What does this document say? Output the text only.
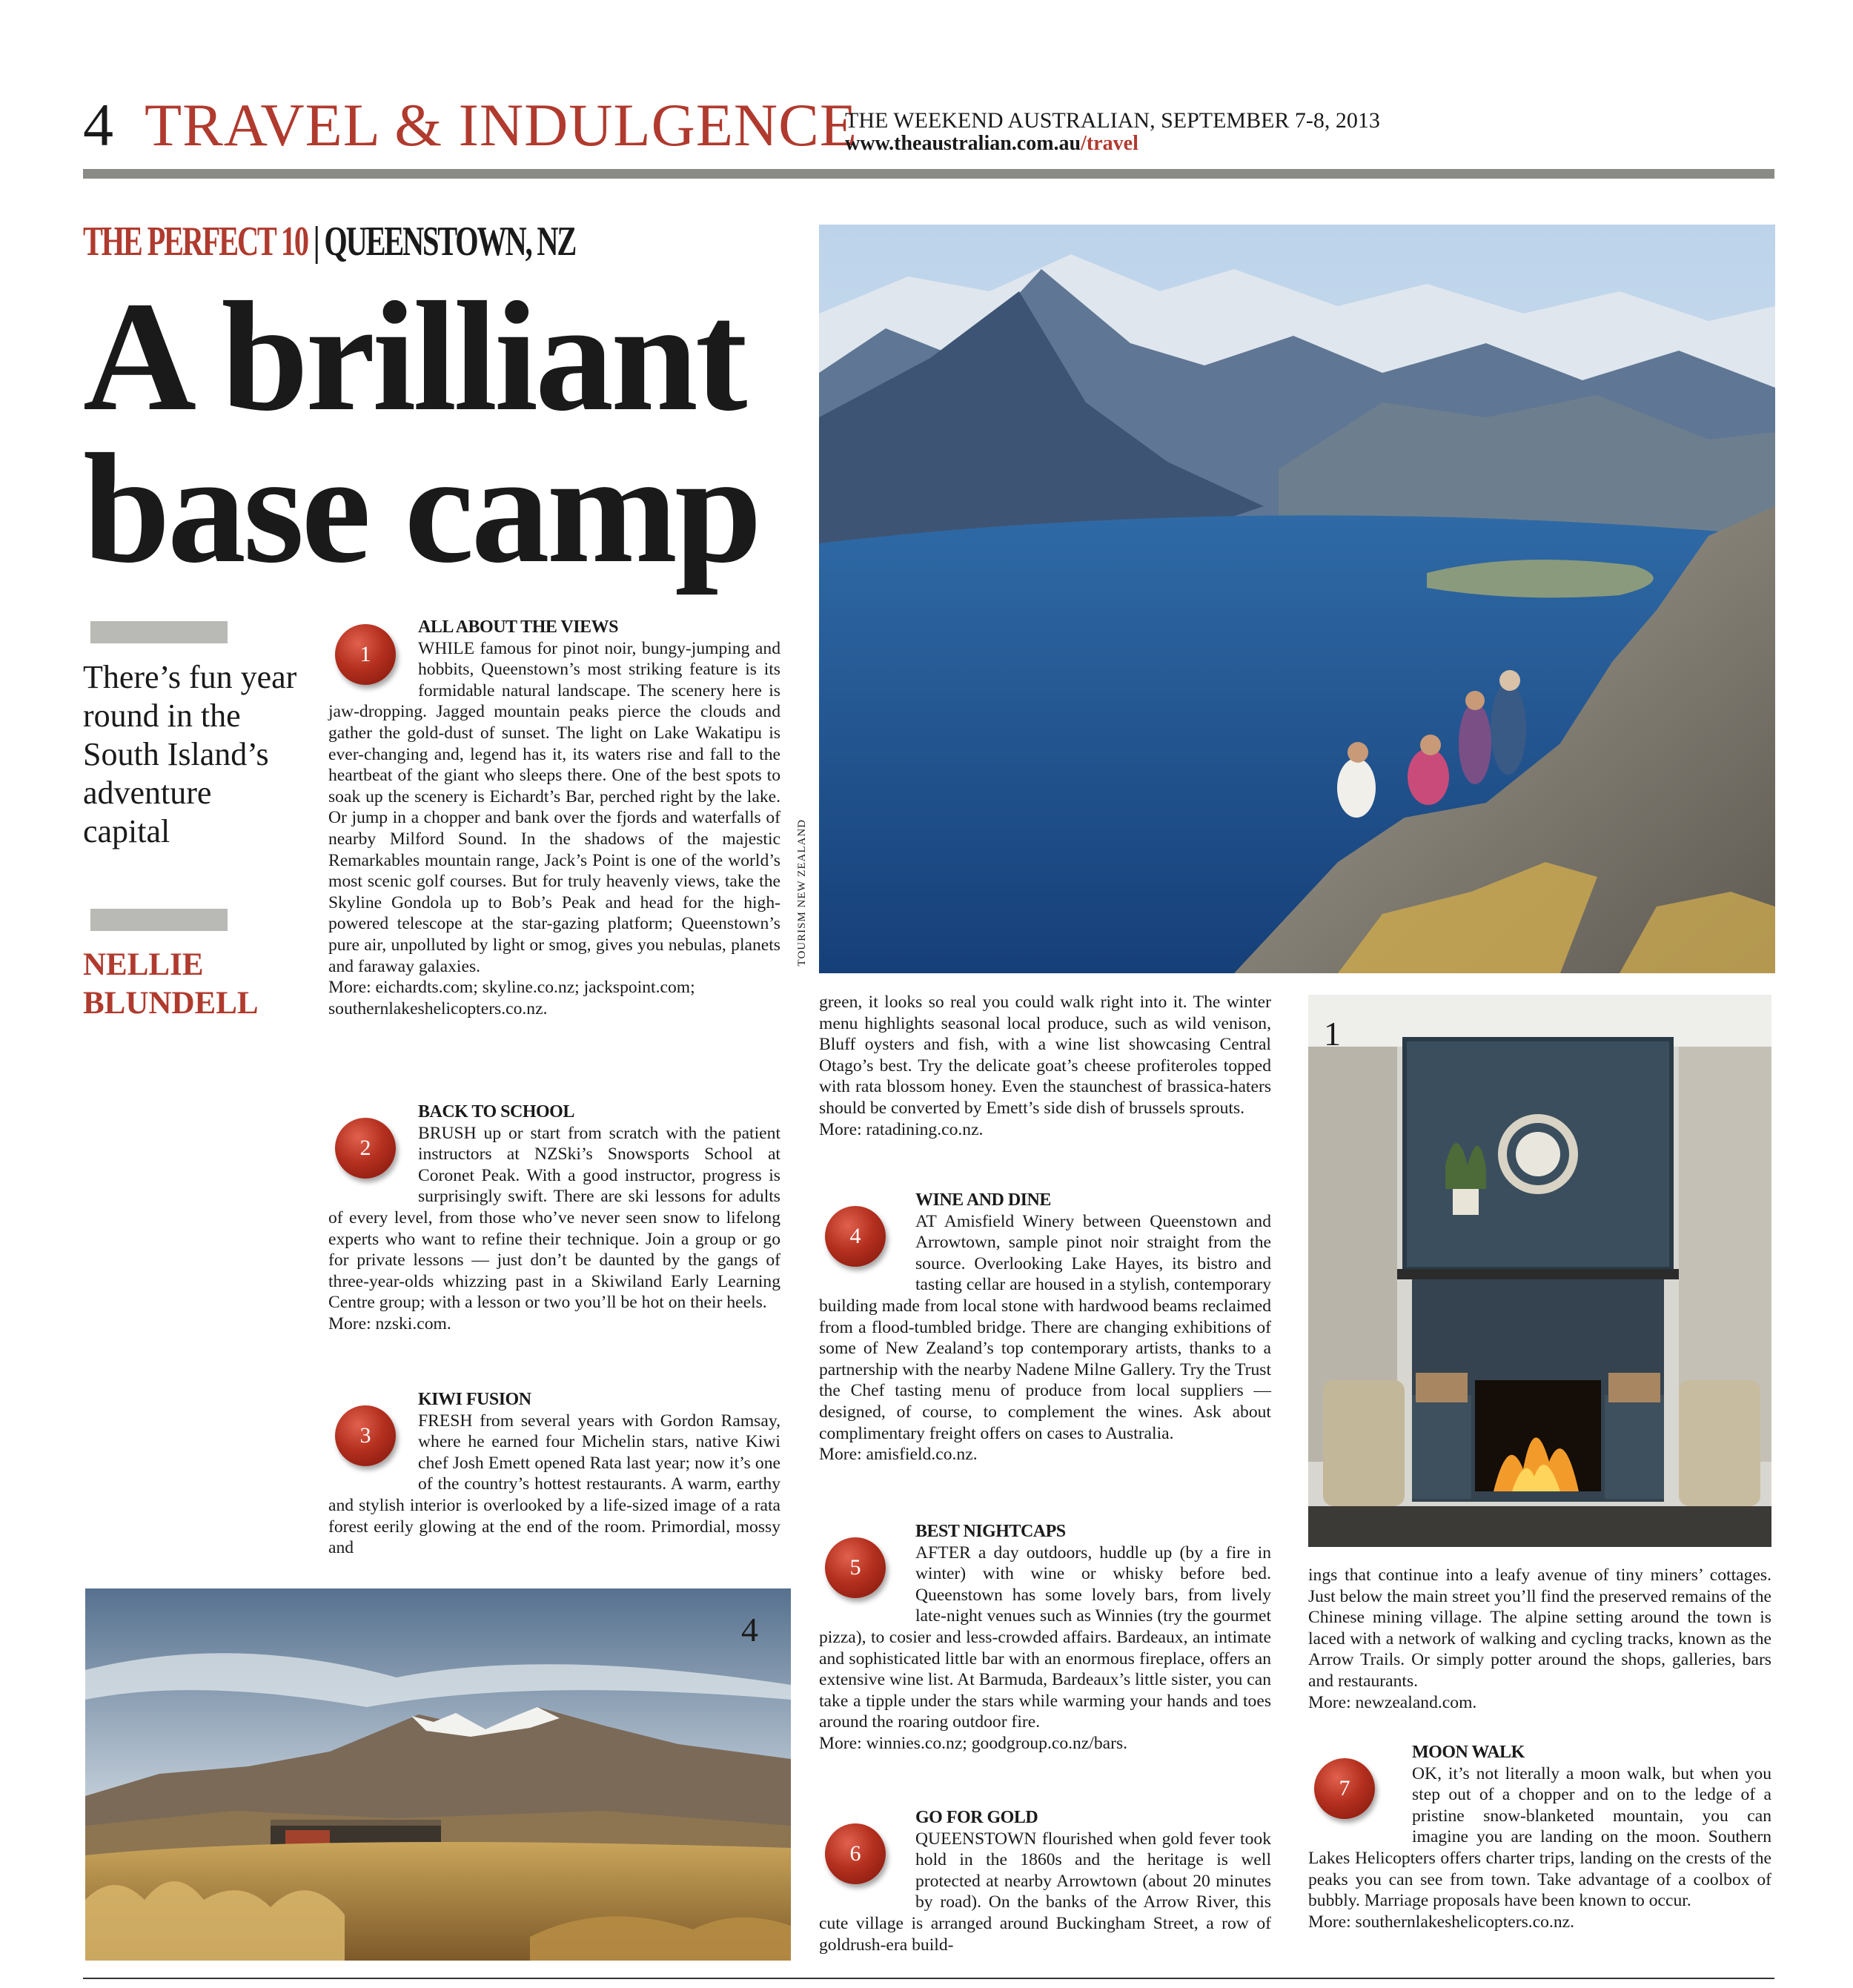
4 TRAVEL & INDULGENCE
THE WEEKEND AUSTRALIAN, SEPTEMBER 7-8, 2013
www.theaustralian.com.au/travel
THE PERFECT 10 | QUEENSTOWN, NZ
A brilliant
base camp
There’s fun year round in the South Island’s adventure capital
NELLIE
BLUNDELL
1
ALL ABOUT THE VIEWS

WHILE famous for pinot noir, bungy-jumping and hobbits, Queenstown’s most striking feature is its formidable natural landscape. The scenery here is jaw-dropping. Jagged mountain peaks pierce the clouds and gather the gold-dust of sunset. The light on Lake Wakatipu is ever-changing and, legend has it, its waters rise and fall to the heartbeat of the giant who sleeps there. One of the best spots to soak up the scenery is Eichardt’s Bar, perched right by the lake. Or jump in a chopper and bank over the fjords and waterfalls of nearby Milford Sound. In the shadows of the majestic Remarkables mountain range, Jack’s Point is one of the world’s most scenic golf courses. But for truly heavenly views, take the Skyline Gondola up to Bob’s Peak and head for the high-powered telescope at the star-gazing platform; Queenstown’s pure air, unpolluted by light or smog, gives you nebulas, planets and faraway galaxies.

More: eichardts.com; skyline.co.nz; jackspoint.com; southernlakeshelicopters.co.nz.

2
BACK TO SCHOOL

BRUSH up or start from scratch with the patient instructors at NZSki’s Snowsports School at Coronet Peak. With a good instructor, progress is surprisingly swift. There are ski lessons for adults of every level, from those who’ve never seen snow to lifelong experts who want to refine their technique. Join a group or go for private lessons — just don’t be daunted by the gangs of three-year-olds whizzing past in a Skiwiland Early Learning Centre group; with a lesson or two you’ll be hot on their heels.

More: nzski.com.

3
KIWI FUSION

FRESH from several years with Gordon Ramsay, where he earned four Michelin stars, native Kiwi chef Josh Emett opened Rata last year; now it’s one of the country’s hottest restaurants. A warm, earthy and stylish interior is overlooked by a life-sized image of a rata forest eerily glowing at the end of the room. Primordial, mossy and

TOURISM NEW ZEALAND

green, it looks so real you could walk right into it. The winter menu highlights seasonal local produce, such as wild venison, Bluff oysters and fish, with a wine list showcasing Central Otago’s best. Try the delicate goat’s cheese profiteroles topped with rata blossom honey. Even the staunchest of brassica-haters should be converted by Emett’s side dish of brussels sprouts.

More: ratadining.co.nz.

4
WINE AND DINE

AT Amisfield Winery between Queenstown and Arrowtown, sample pinot noir straight from the source. Overlooking Lake Hayes, its bistro and tasting cellar are housed in a stylish, contemporary building made from local stone with hardwood beams reclaimed from a flood-tumbled bridge. There are changing exhibitions of some of New Zealand’s top contemporary artists, thanks to a partnership with the nearby Nadene Milne Gallery. Try the Trust the Chef tasting menu of produce from local suppliers — designed, of course, to complement the wines. Ask about complimentary freight offers on cases to Australia.

More: amisfield.co.nz.

5
BEST NIGHTCAPS

AFTER a day outdoors, huddle up (by a fire in winter) with wine or whisky before bed. Queenstown has some lovely bars, from lively late-night venues such as Winnies (try the gourmet pizza), to cosier and less-crowded affairs. Bardeaux, an intimate and sophisticated little bar with an enormous fireplace, offers an extensive wine list. At Barmuda, Bardeaux’s little sister, you can take a tipple under the stars while warming your hands and toes around the roaring outdoor fire.

More: winnies.co.nz; goodgroup.co.nz/bars.

6
GO FOR GOLD

QUEENSTOWN flourished when gold fever took hold in the 1860s and the heritage is well protected at nearby Arrowtown (about 20 minutes by road). On the banks of the Arrow River, this cute village is arranged around Buckingham Street, a row of goldrush-era build-

1

ings that continue into a leafy avenue of tiny miners’ cottages. Just below the main street you’ll find the preserved remains of the Chinese mining village. The alpine setting around the town is laced with a network of walking and cycling tracks, known as the Arrow Trails. Or simply potter around the shops, galleries, bars and restaurants.

More: newzealand.com.

7
MOON WALK

OK, it’s not literally a moon walk, but when you step out of a chopper and on to the ledge of a pristine snow-blanketed mountain, you can imagine you are landing on the moon. Southern Lakes Helicopters offers charter trips, landing on the crests of the peaks you can see from town. Take advantage of a coolbox of bubbly. Marriage proposals have been known to occur.

More: southernlakeshelicopters.co.nz.

4
